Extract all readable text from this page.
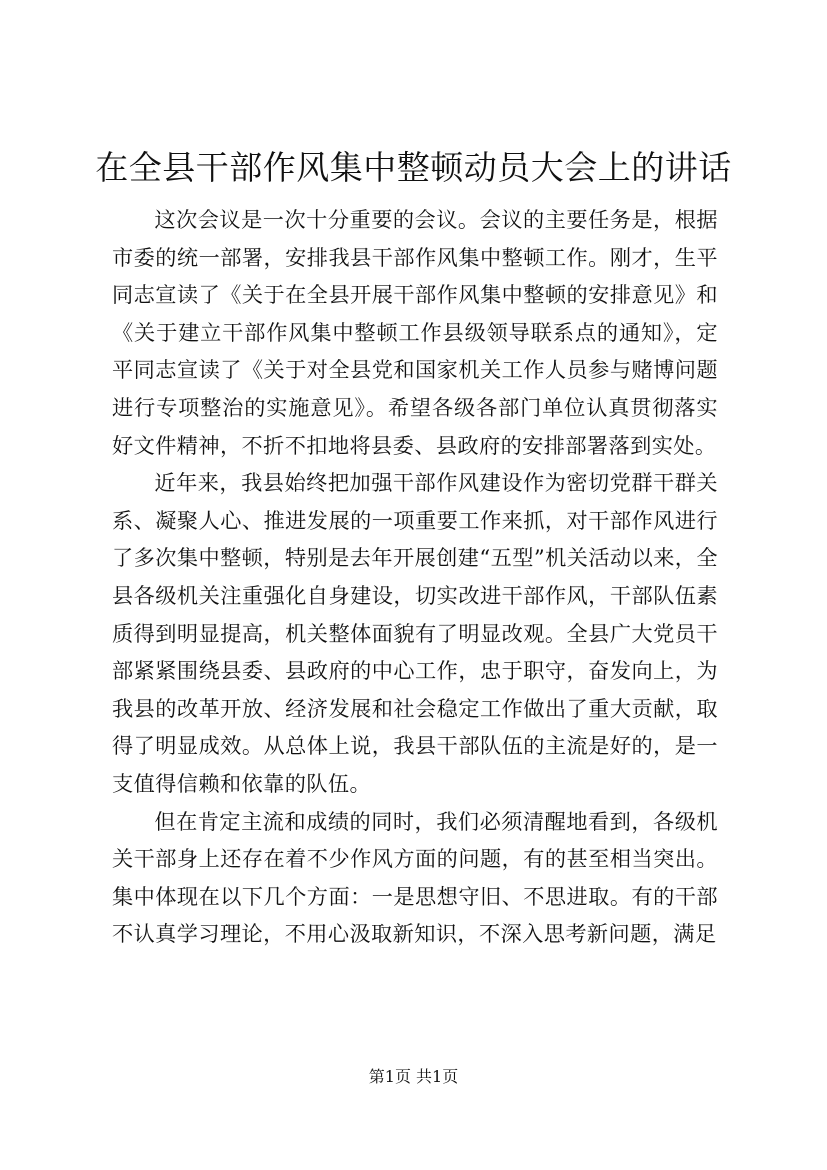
在全县干部作风集中整顿动员大会上的讲话

这次会议是一次十分重要的会议。会议的主要任务是，根据市委的统一部署，安排我县干部作风集中整顿工作。刚才，生平同志宣读了《关于在全县开展干部作风集中整顿的安排意见》和《关于建立干部作风集中整顿工作县级领导联系点的通知》，定平同志宣读了《关于对全县党和国家机关工作人员参与赌博问题进行专项整治的实施意见》。希望各级各部门单位认真贯彻落实好文件精神，不折不扣地将县委、县政府的安排部署落到实处。

近年来，我县始终把加强干部作风建设作为密切党群干群关系、凝聚人心、推进发展的一项重要工作来抓，对干部作风进行了多次集中整顿，特别是去年开展创建“五型”机关活动以来，全县各级机关注重强化自身建设，切实改进干部作风，干部队伍素质得到明显提高，机关整体面貌有了明显改观。全县广大党员干部紧紧围绕县委、县政府的中心工作，忠于职守，奋发向上，为我县的改革开放、经济发展和社会稳定工作做出了重大贡献，取得了明显成效。从总体上说，我县干部队伍的主流是好的，是一支值得信赖和依靠的队伍。

但在肯定主流和成绩的同时，我们必须清醒地看到，各级机关干部身上还存在着不少作风方面的问题，有的甚至相当突出。集中体现在以下几个方面：一是思想守旧、不思进取。有的干部不认真学习理论，不用心汲取新知识，不深入思考新问题，满足

第1页 共1页
